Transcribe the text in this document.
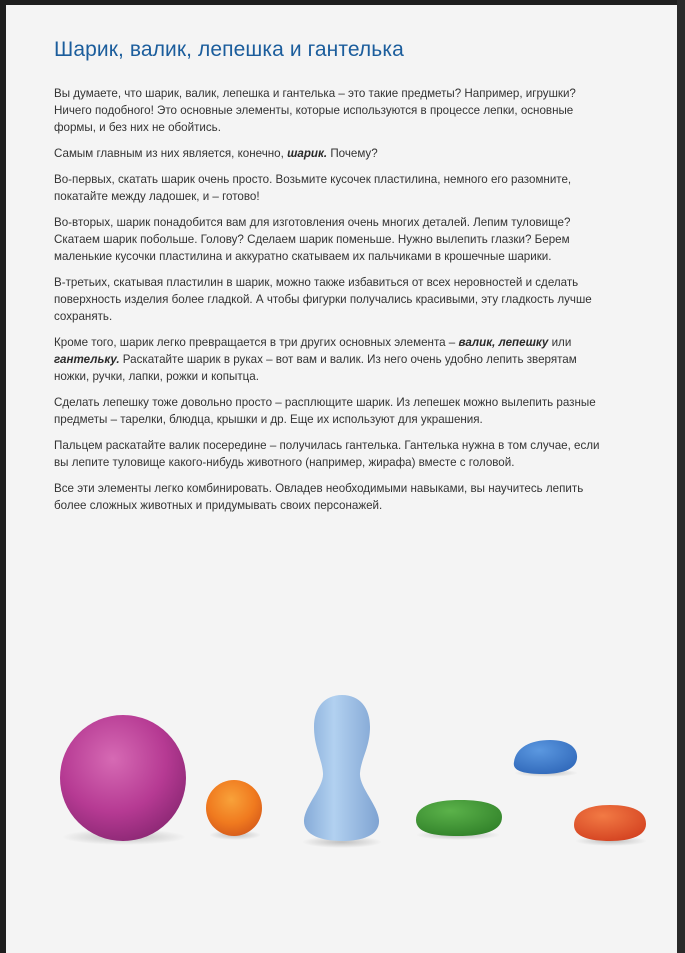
Шарик, валик, лепешка и гантелька

Вы думаете, что шарик, валик, лепешка и гантелька – это такие предметы? Например, игрушки? Ничего подобного! Это основные элементы, которые используются в процессе лепки, основные формы, и без них не обойтись.

Самым главным из них является, конечно, шарик. Почему?

Во-первых, скатать шарик очень просто. Возьмите кусочек пластилина, немного его разомните, покатайте между ладошек, и – готово!

Во-вторых, шарик понадобится вам для изготовления очень многих деталей. Лепим туловище? Скатаем шарик побольше. Голову? Сделаем шарик поменьше. Нужно вылепить глазки? Берем маленькие кусочки пластилина и аккуратно скатываем их пальчиками в крошечные шарики.

В-третьих, скатывая пластилин в шарик, можно также избавиться от всех неровностей и сделать поверхность изделия более гладкой. А чтобы фигурки получались красивыми, эту гладкость лучше сохранять.

Кроме того, шарик легко превращается в три других основных элемента – валик, лепешку или гантельку. Раскатайте шарик в руках – вот вам и валик. Из него очень удобно лепить зверятам ножки, ручки, лапки, рожки и копытца.

Сделать лепешку тоже довольно просто – расплющите шарик. Из лепешек можно вылепить разные предметы – тарелки, блюдца, крышки и др. Еще их используют для украшения.

Пальцем раскатайте валик посередине – получилась гантелька. Гантелька нужна в том случае, если вы лепите туловище какого-нибудь животного (например, жирафа) вместе с головой.

Все эти элементы легко комбинировать. Овладев необходимыми навыками, вы научитесь лепить более сложных животных и придумывать своих персонажей.
